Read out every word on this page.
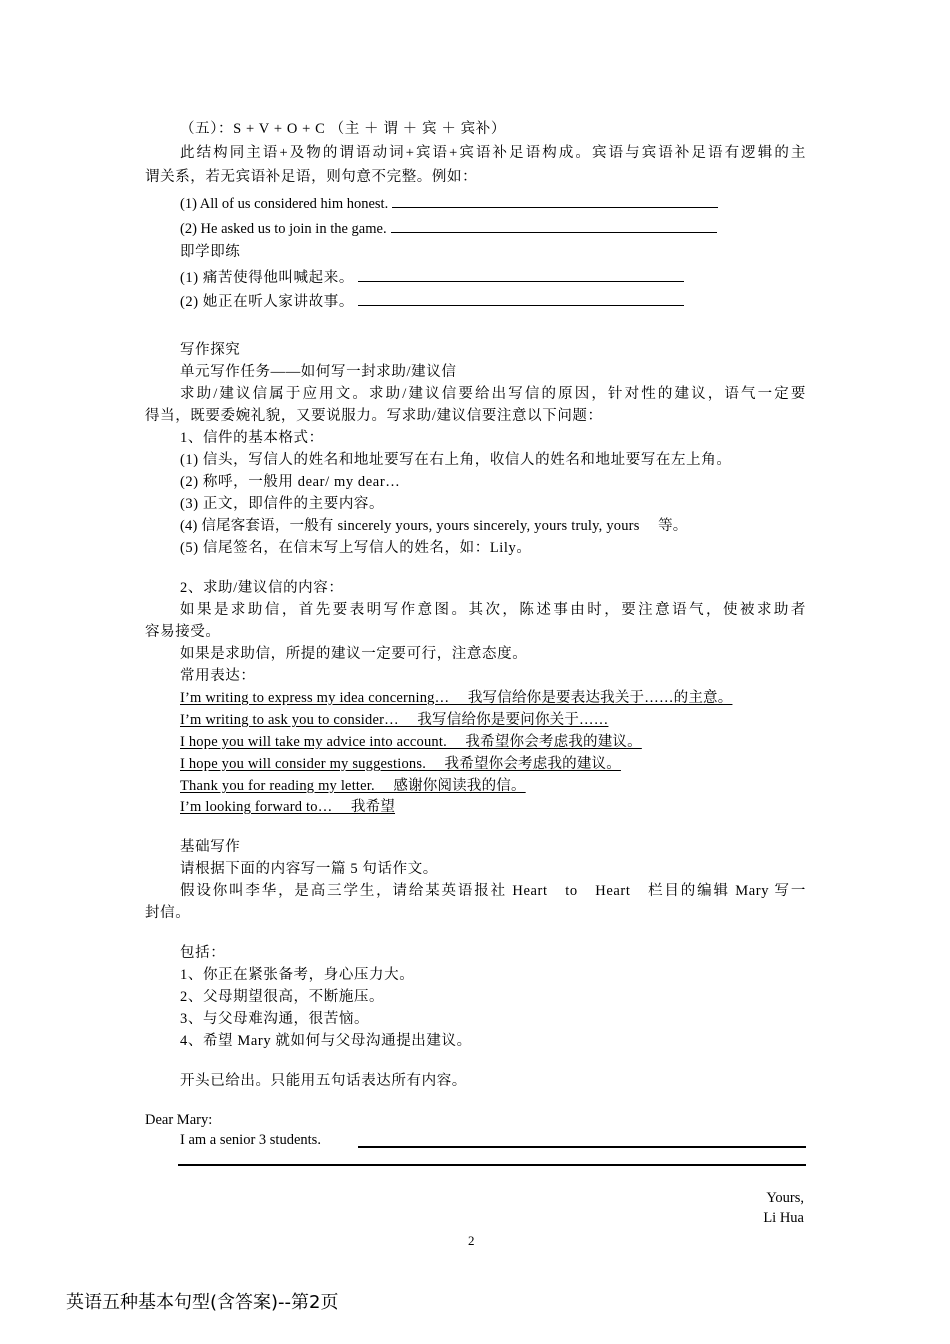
（五）：S + V + O + C （主 ＋ 谓 ＋ 宾 ＋ 宾补）
此结构同主语+及物的谓语动词+宾语+宾语补足语构成。宾语与宾语补足语有逻辑的主
谓关系，若无宾语补足语，则句意不完整。例如：
(1) All of us considered him honest.
(2) He asked us to join in the game.
即学即练
(1) 痛苦使得他叫喊起来。
(2) 她正在听人家讲故事。
写作探究
单元写作任务——如何写一封求助/建议信
求助/建议信属于应用文。求助/建议信要给出写信的原因，针对性的建议，语气一定要
得当，既要委婉礼貌，又要说服力。写求助/建议信要注意以下问题：
1、信件的基本格式：
(1) 信头，写信人的姓名和地址要写在右上角，收信人的姓名和地址要写在左上角。
(2) 称呼，一般用 dear/ my dear…
(3) 正文，即信件的主要内容。
(4) 信尾客套语，一般有 sincerely yours, yours sincerely, yours truly, yours　 等。
(5) 信尾签名，在信末写上写信人的姓名，如：Lily。
2、求助/建议信的内容：
如果是求助信，首先要表明写作意图。其次，陈述事由时，要注意语气，使被求助者
容易接受。
如果是求助信，所提的建议一定要可行，注意态度。
常用表达：
I’m writing to express my idea concerning…　 我写信给你是要表达我关于……的主意。
I’m writing to ask you to consider…　 我写信给你是要问你关于……
I hope you will take my advice into account.　 我希望你会考虑我的建议。
I hope you will consider my suggestions.　 我希望你会考虑我的建议。
Thank you for reading my letter.　 感谢你阅读我的信。
I’m looking forward to…　 我希望
基础写作
请根据下面的内容写一篇 5 句话作文。
假设你叫李华，是高三学生，请给某英语报社 Heart　to　Heart　栏目的编辑 Mary 写一
封信。
包括：
1、你正在紧张备考，身心压力大。
2、父母期望很高，不断施压。
3、与父母难沟通，很苦恼。
4、希望 Mary 就如何与父母沟通提出建议。
开头已给出。只能用五句话表达所有内容。
Dear Mary:
I am a senior 3 students.
Yours,
Li Hua
2
英语五种基本句型(含答案)--第2页
